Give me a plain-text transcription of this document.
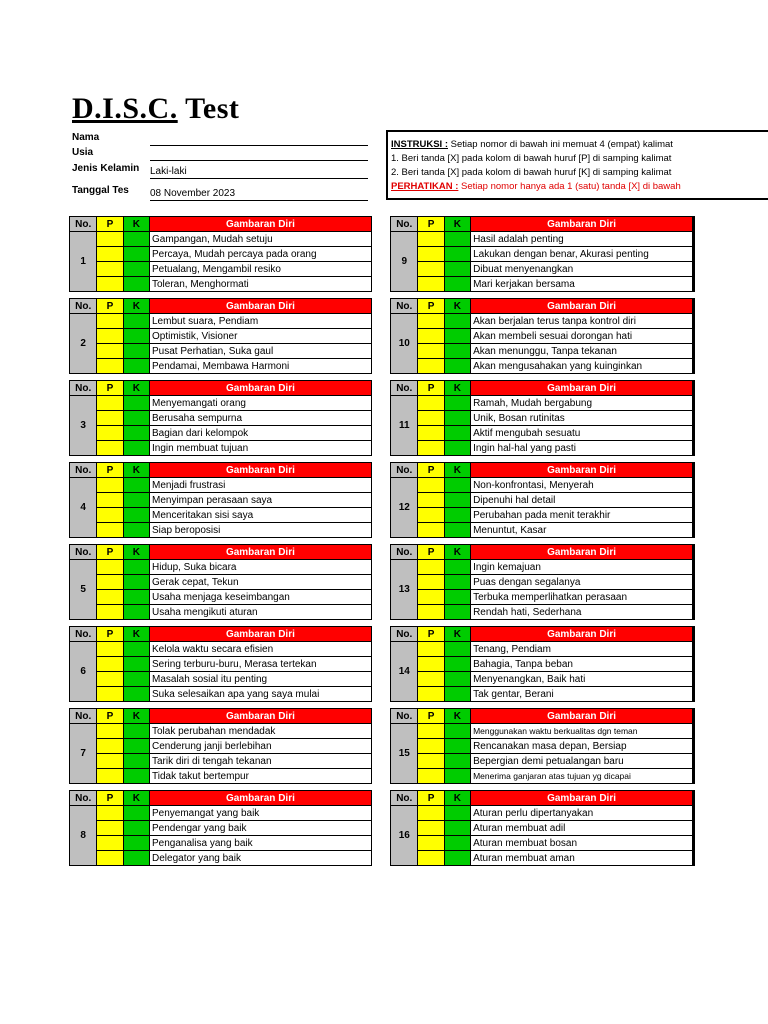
D.I.S.C. Test
Nama
Usia
Jenis Kelamin Laki-laki
Tanggal Tes 08 November 2023
INSTRUKSI : Setiap nomor di bawah ini memuat 4 (empat) kalimat
1. Beri tanda [X] pada kolom di bawah huruf [P] di samping kalimat
2. Beri tanda [X] pada kolom di bawah huruf [K] di samping kalimat
PERHATIKAN : Setiap nomor hanya ada 1 (satu) tanda [X] di bawah
No.	P	K	Gambaran Diri		No.	P	K	Gambaran Diri
1			Gampangan, Mudah setuju		9			Hasil adalah penting
			Percaya, Mudah percaya pada orang					Lakukan dengan benar, Akurasi penting
			Petualang, Mengambil resiko					Dibuat menyenangkan
			Toleran, Menghormati					Mari kerjakan bersama
No.	P	K	Gambaran Diri		No.	P	K	Gambaran Diri
2			Lembut suara, Pendiam		10			Akan berjalan terus tanpa kontrol diri
			Optimistik, Visioner					Akan membeli sesuai dorongan hati
			Pusat Perhatian, Suka gaul					Akan menunggu, Tanpa tekanan
			Pendamai, Membawa Harmoni					Akan mengusahakan yang kuinginkan
No.	P	K	Gambaran Diri		No.	P	K	Gambaran Diri
3			Menyemangati orang		11			Ramah, Mudah bergabung
			Berusaha sempurna					Unik, Bosan rutinitas
			Bagian dari kelompok					Aktif mengubah sesuatu
			Ingin membuat tujuan					Ingin hal-hal yang pasti
No.	P	K	Gambaran Diri		No.	P	K	Gambaran Diri
4			Menjadi frustrasi		12			Non-konfrontasi, Menyerah
			Menyimpan perasaan saya					Dipenuhi hal detail
			Menceritakan sisi saya					Perubahan pada menit terakhir
			Siap beroposisi					Menuntut, Kasar
No.	P	K	Gambaran Diri		No.	P	K	Gambaran Diri
5			Hidup, Suka bicara		13			Ingin kemajuan
			Gerak cepat, Tekun					Puas dengan segalanya
			Usaha menjaga keseimbangan					Terbuka memperlihatkan perasaan
			Usaha mengikuti aturan					Rendah hati, Sederhana
No.	P	K	Gambaran Diri		No.	P	K	Gambaran Diri
6			Kelola waktu secara efisien		14			Tenang, Pendiam
			Sering terburu-buru, Merasa tertekan					Bahagia, Tanpa beban
			Masalah sosial itu penting					Menyenangkan, Baik hati
			Suka selesaikan apa yang saya mulai					Tak gentar, Berani
No.	P	K	Gambaran Diri		No.	P	K	Gambaran Diri
7			Tolak perubahan mendadak		15			Menggunakan waktu berkualitas dgn teman
			Cenderung janji berlebihan					Rencanakan masa depan, Bersiap
			Tarik diri di tengah tekanan					Bepergian demi petualangan baru
			Tidak takut bertempur					Menerima ganjaran atas tujuan yg dicapai
No.	P	K	Gambaran Diri		No.	P	K	Gambaran Diri
8			Penyemangat yang baik		16			Aturan perlu dipertanyakan
			Pendengar yang baik					Aturan membuat adil
			Penganalisa yang baik					Aturan membuat bosan
			Delegator yang baik					Aturan membuat aman
